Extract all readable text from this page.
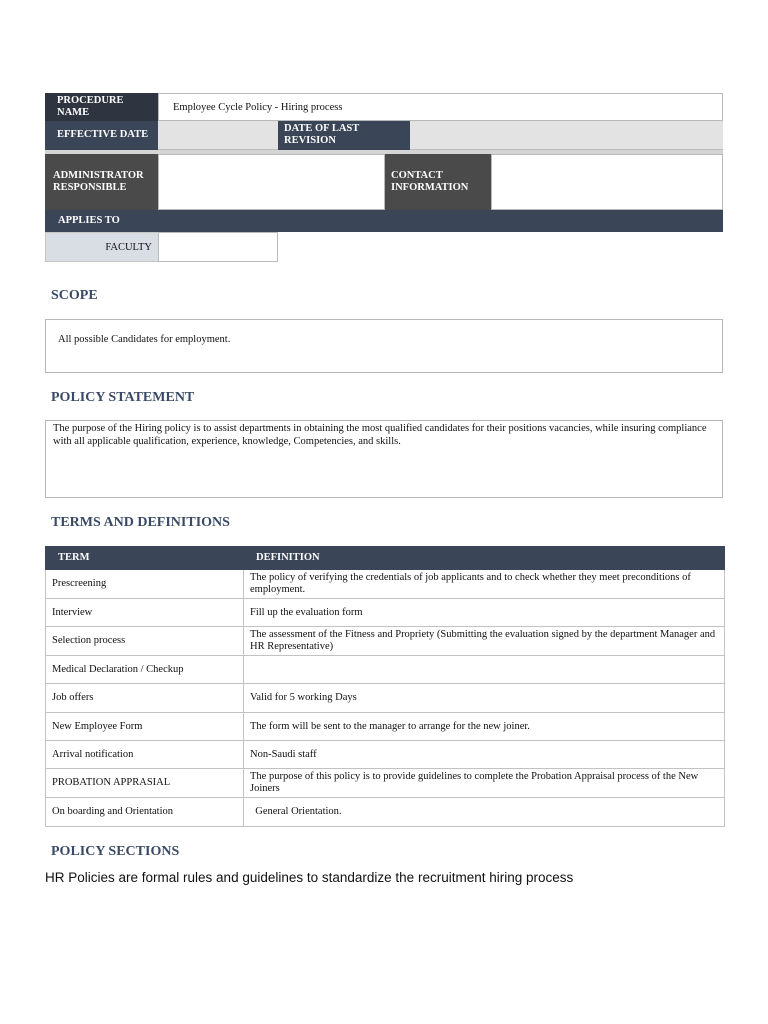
PROCEDURE NAME	Employee Cycle Policy - Hiring process
EFFECTIVE DATE
DATE OF LAST REVISION
ADMINISTRATOR RESPONSIBLE
CONTACT INFORMATION
APPLIES TO
FACULTY
SCOPE
All possible Candidates for employment.
POLICY STATEMENT
The purpose of the Hiring policy is to assist departments in obtaining the most qualified candidates for their positions vacancies, while insuring compliance with all applicable qualification, experience, knowledge, Competencies, and skills.
TERMS AND DEFINITIONS
TERM	DEFINITION
Prescreening	The policy of verifying the credentials of job applicants and to check whether they meet preconditions of employment.
Interview	Fill up the evaluation form
Selection process	The assessment of the Fitness and Propriety (Submitting the evaluation signed by the department Manager and HR Representative)
Medical Declaration / Checkup	
Job offers	Valid for 5 working Days
New Employee Form	The form will be sent to the manager to arrange for the new joiner.
Arrival notification	Non-Saudi staff
PROBATION APPRASIAL	The purpose of this policy is to provide guidelines to complete the Probation Appraisal process of the New Joiners
On boarding and Orientation	General Orientation.
POLICY SECTIONS
HR Policies are formal rules and guidelines to standardize the recruitment hiring process
